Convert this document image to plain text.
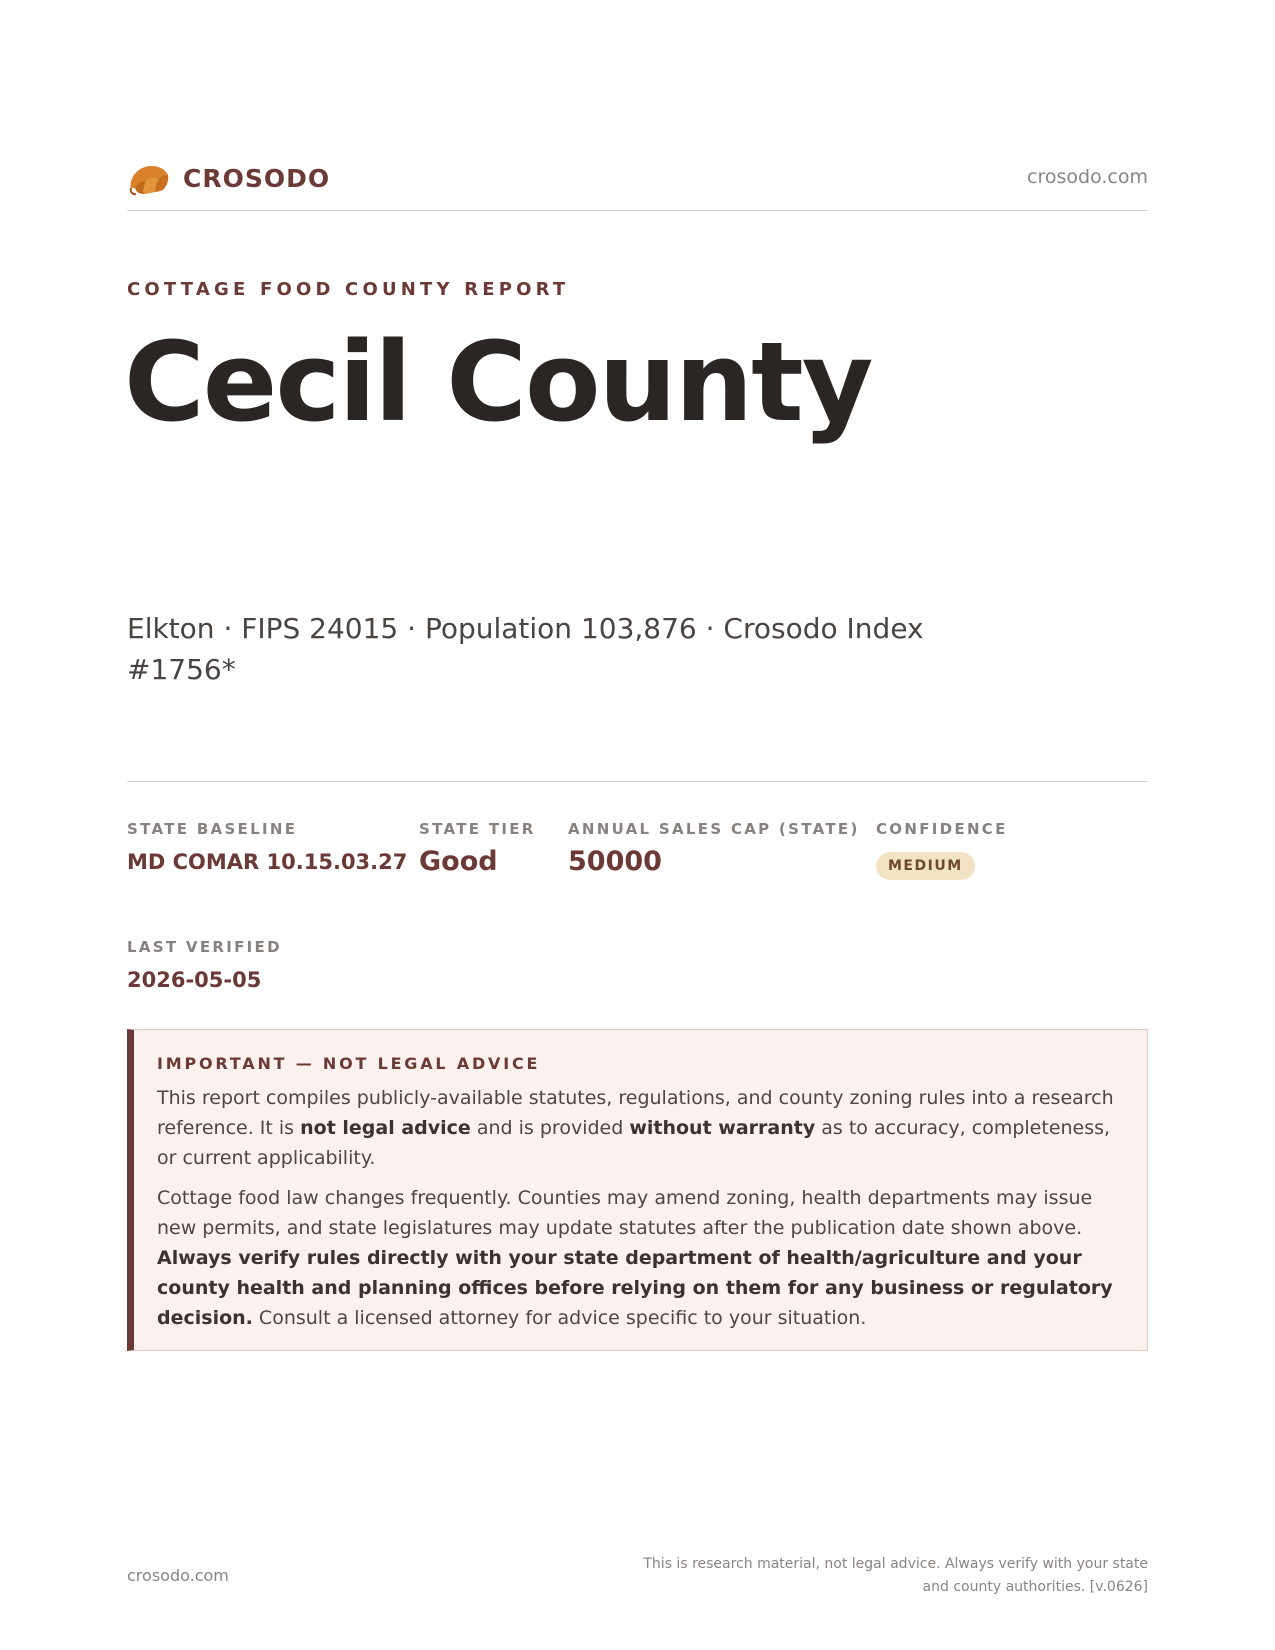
CROSODO	crosodo.com
COTTAGE FOOD COUNTY REPORT
Cecil County
Elkton · FIPS 24015 · Population 103,876 · Crosodo Index #1756*
STATE BASELINE
MD COMAR 10.15.03.27
STATE TIER
Good
ANNUAL SALES CAP (STATE)
50000
CONFIDENCE
MEDIUM
LAST VERIFIED
2026-05-05
IMPORTANT — NOT LEGAL ADVICE

This report compiles publicly-available statutes, regulations, and county zoning rules into a research reference. It is not legal advice and is provided without warranty as to accuracy, completeness, or current applicability.

Cottage food law changes frequently. Counties may amend zoning, health departments may issue new permits, and state legislatures may update statutes after the publication date shown above. Always verify rules directly with your state department of health/agriculture and your county health and planning offices before relying on them for any business or regulatory decision. Consult a licensed attorney for advice specific to your situation.

crosodo.com
This is research material, not legal advice. Always verify with your state
and county authorities. [v.0626]
